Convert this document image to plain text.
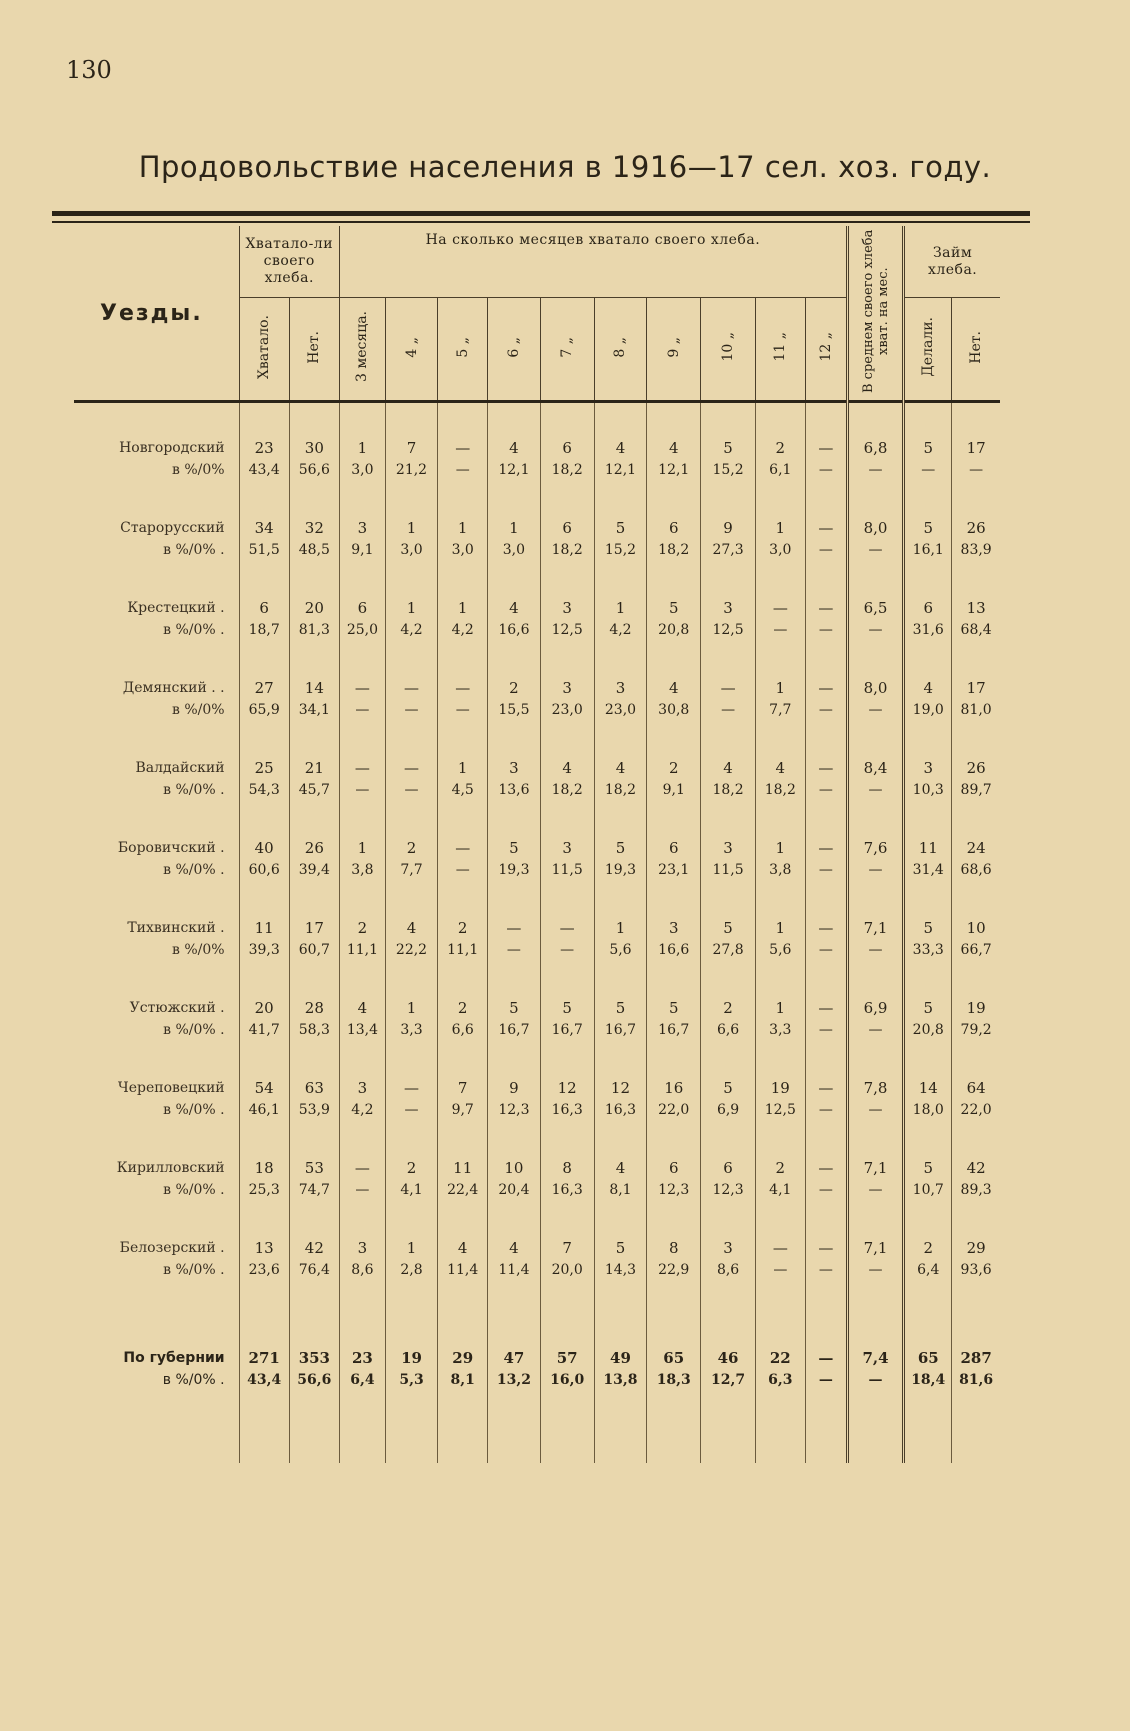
130
Продовольствие населения в 1916—17 сел. хоз. году.
Уезды.	Хватало-ли своего хлеба.		На сколько месяцев хватало своего хлеба.										В среднем своего хлеба хват. на мес.	Займ хлеба.	
	Хватало.	Нет.	3 месяца.	4 „	5 „	6 „	7 „	8 „	9 „	10 „	11 „	12 „		Делали.	Нет.
Новгородский	23	30	1	7	—	4	6	4	4	5	2	—	6,8	5	17
в %/0%	43,4	56,6	3,0	21,2	—	12,1	18,2	12,1	12,1	15,2	6,1	—	—	—	—
Старорусский	34	32	3	1	1	1	6	5	6	9	1	—	8,0	5	26
в %/0% .	51,5	48,5	9,1	3,0	3,0	3,0	18,2	15,2	18,2	27,3	3,0	—	—	16,1	83,9
Крестецкий .	6	20	6	1	1	4	3	1	5	3	—	—	6,5	6	13
в %/0% .	18,7	81,3	25,0	4,2	4,2	16,6	12,5	4,2	20,8	12,5	—	—	—	31,6	68,4
Демянский . .	27	14	—	—	—	2	3	3	4	—	1	—	8,0	4	17
в %/0%	65,9	34,1	—	—	—	15,5	23,0	23,0	30,8	—	7,7	—	—	19,0	81,0
Валдайский	25	21	—	—	1	3	4	4	2	4	4	—	8,4	3	26
в %/0% .	54,3	45,7	—	—	4,5	13,6	18,2	18,2	9,1	18,2	18,2	—	—	10,3	89,7
Боровичский .	40	26	1	2	—	5	3	5	6	3	1	—	7,6	11	24
в %/0% .	60,6	39,4	3,8	7,7	—	19,3	11,5	19,3	23,1	11,5	3,8	—	—	31,4	68,6
Тихвинский .	11	17	2	4	2	—	—	1	3	5	1	—	7,1	5	10
в %/0%	39,3	60,7	11,1	22,2	11,1	—	—	5,6	16,6	27,8	5,6	—	—	33,3	66,7
Устюжский .	20	28	4	1	2	5	5	5	5	2	1	—	6,9	5	19
в %/0% .	41,7	58,3	13,4	3,3	6,6	16,7	16,7	16,7	16,7	6,6	3,3	—	—	20,8	79,2
Череповецкий	54	63	3	—	7	9	12	12	16	5	19	—	7,8	14	64
в %/0% .	46,1	53,9	4,2	—	9,7	12,3	16,3	16,3	22,0	6,9	12,5	—	—	18,0	22,0
Кирилловский	18	53	—	2	11	10	8	4	6	6	2	—	7,1	5	42
в %/0% .	25,3	74,7	—	4,1	22,4	20,4	16,3	8,1	12,3	12,3	4,1	—	—	10,7	89,3
Белозерский .	13	42	3	1	4	4	7	5	8	3	—	—	7,1	2	29
в %/0% .	23,6	76,4	8,6	2,8	11,4	11,4	20,0	14,3	22,9	8,6	—	—	—	6,4	93,6
По губернии	271	353	23	19	29	47	57	49	65	46	22	—	7,4	65	287
в %/0% .	43,4	56,6	6,4	5,3	8,1	13,2	16,0	13,8	18,3	12,7	6,3	—	—	18,4	81,6
